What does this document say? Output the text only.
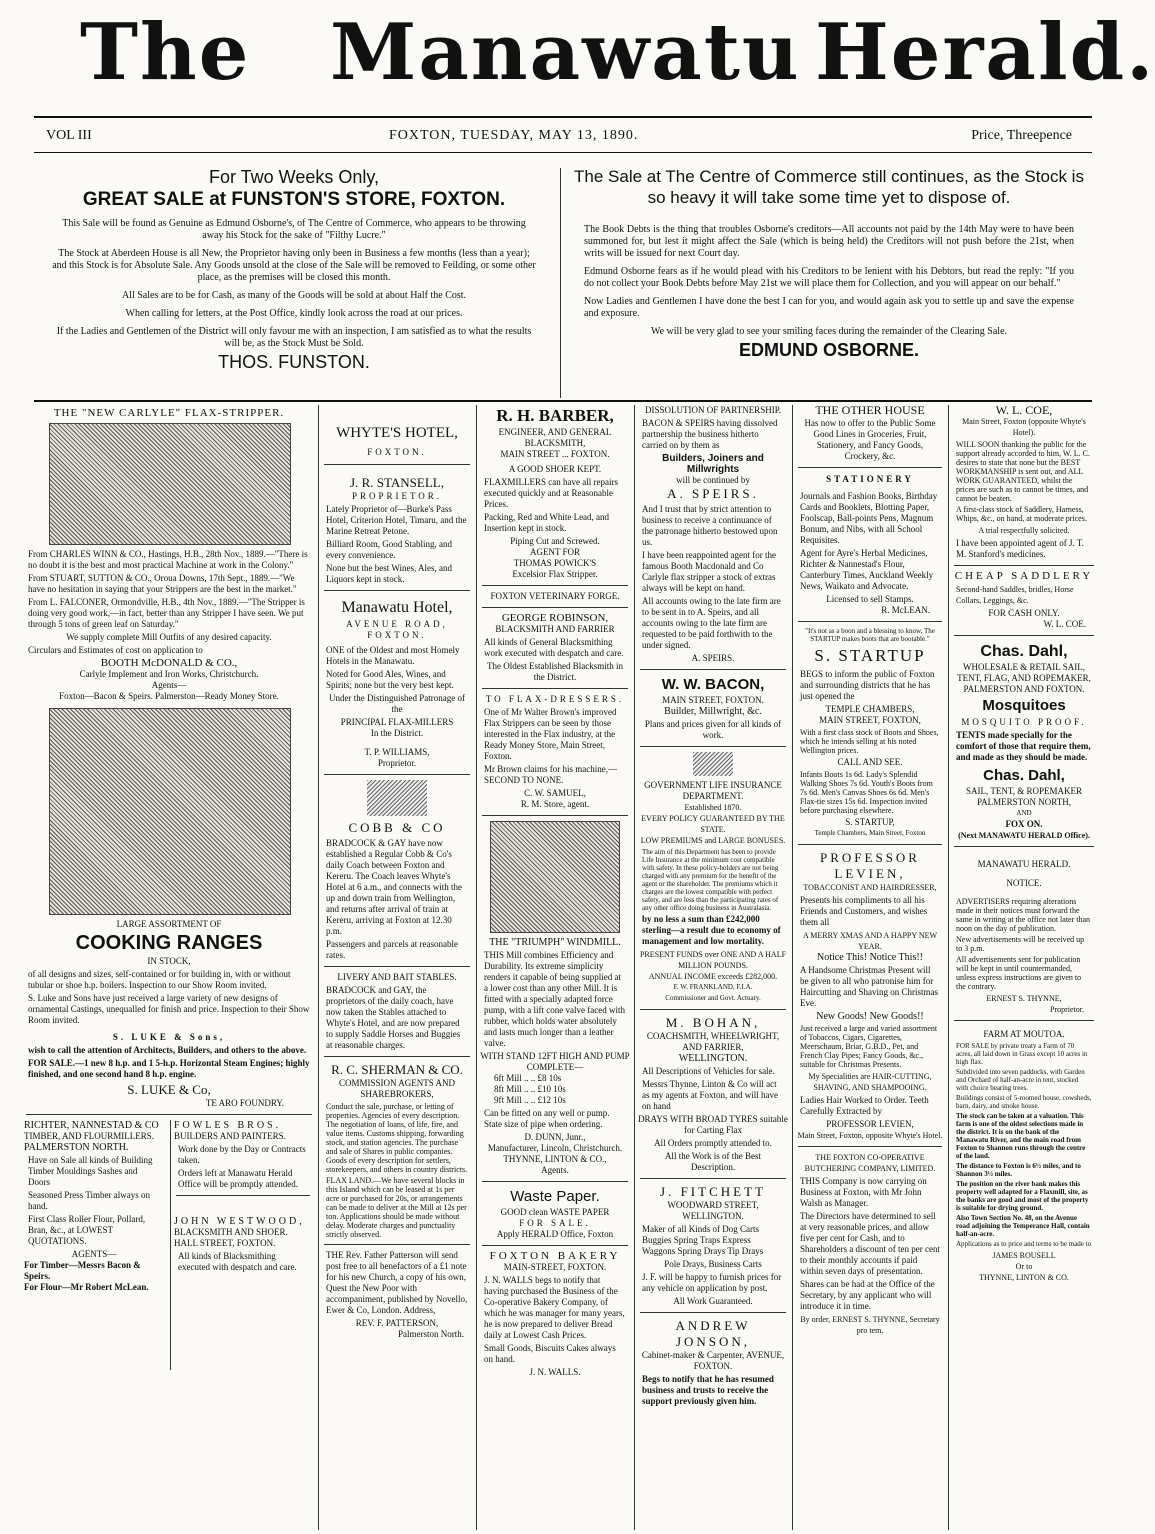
The Manawatu Herald.
VOL III	FOXTON, TUESDAY, MAY 13, 1890.	Price, Threepence
For Two Weeks Only,
GREAT SALE at FUNSTON'S STORE, FOXTON.

This Sale will be found as Genuine as Edmund Osborne's, of The Centre of Commerce, who appears to be throwing away his Stock for the sake of "Filthy Lucre."

The Stock at Aberdeen House is all New, the Proprietor having only been in Business a few months (less than a year); and this Stock is for Absolute Sale. Any Goods unsold at the close of the Sale will be removed to Feilding, or some other place, as the premises will be closed this month.

All Sales are to be for Cash, as many of the Goods will be sold at about Half the Cost.

When calling for letters, at the Post Office, kindly look across the road at our prices.

If the Ladies and Gentlemen of the District will only favour me with an inspection, I am satisfied as to what the results will be, as the Stock Must be Sold.

THOS. FUNSTON.
The Sale at The Centre of Commerce still continues, as the Stock is so heavy it will take some time yet to dispose of.

The Book Debts is the thing that troubles Osborne's creditors—All accounts not paid by the 14th May were to have been summoned for, but lest it might affect the Sale (which is being held) the Creditors will not push before the 21st, when writs will be issued for next Court day.

Edmund Osborne fears as if he would plead with his Creditors to be lenient with his Debtors, but read the reply: "If you do not collect your Book Debts before May 21st we will place them for Collection, and you will appear on our behalf."

Now Ladies and Gentlemen I have done the best I can for you, and would again ask you to settle up and save the expense and exposure.

We will be very glad to see your smiling faces during the remainder of the Clearing Sale.

EDMUND OSBORNE.
THE "NEW CARLYLE" FLAX-STRIPPER.

From CHARLES WINN & CO., Hastings, H.B., 28th Nov., 1889.—"There is no doubt it is the best and most practical Machine at work in the Colony."

From STUART, SUTTON & CO., Oroua Downs, 17th Sept., 1889.—"We have no hesitation in saying that your Strippers are the best in the market."

From L. FALCONER, Ormondville, H.B., 4th Nov., 1889.—"The Stripper is doing very good work,—in fact, better than any Stripper I have seen. We put through 5 tons of green leaf on Saturday."

We supply complete Mill Outfits of any desired capacity.

Circulars and Estimates of cost on application to

BOOTH McDONALD & CO.,
Carlyle Implement and Iron Works, Christchurch.
Agents—
Foxton—Bacon & Speirs. Palmerston—Ready Money Store.
LARGE ASSORTMENT OF
COOKING RANGES
IN STOCK,

of all designs and sizes, self-contained or for building in, with or without tubular or shoe h.p. boilers. Inspection to our Show Room invited.

S. Luke and Sons have just received a large variety of new designs of ornamental Castings, unequalled for finish and price. Inspection to their Show Room invited.

S. LUKE & Sons,

wish to call the attention of Architects, Builders, and others to the above.

FOR SALE.—1 new 8 h.p. and 1 5-h.p. Horizontal Steam Engines; highly finished, and one second hand 8 h.p. engine.

S. LUKE & Co,
TE ARO FOUNDRY.
RICHTER, NANNESTAD & CO
TIMBER, AND FLOURMILLERS.
PALMERSTON NORTH.

Have on Sale all kinds of Building Timber Mouldings Sashes and Doors

Seasoned Press Timber always on hand.

First Class Roller Flour, Pollard, Bran, &c., at LOWEST QUOTATIONS.

AGENTS—
For Timber—Messrs Bacon & Speirs.
For Flour—Mr Robert McLean.
FOWLES BROS.
BUILDERS AND PAINTERS.

Work done by the Day or Contracts taken.

Orders left at Manawatu Herald Office will be promptly attended.

JOHN WESTWOOD,
BLACKSMITH AND SHOER.
HALL STREET, FOXTON.

All kinds of Blacksmithing executed with despatch and care.

WHYTE'S HOTEL,
FOXTON.
J. R. STANSELL,
PROPRIETOR.

Lately Proprietor of—Burke's Pass Hotel, Criterion Hotel, Timaru, and the Marine Retreat Petone.

Billiard Room, Good Stabling, and every convenience.

None but the best Wines, Ales, and Liquors kept in stock.

Manawatu Hotel,
AVENUE ROAD,
FOXTON.

ONE of the Oldest and most Homely Hotels in the Manawatu.

Noted for Good Ales, Wines, and Spirits; none but the very best kept.

Under the Distinguished Patronage of the

PRINCIPAL FLAX-MILLERS
In the District.
T. P. WILLIAMS,
Proprietor.
COBB & CO

BRADCOCK & GAY have now established a Regular Cobb & Co's daily Coach between Foxton and Kereru. The Coach leaves Whyte's Hotel at 6 a.m., and connects with the up and down train from Wellington, and returns after arrival of train at Kereru, arriving at Foxton at 12.30 p.m.

Passengers and parcels at reasonable rates.

LIVERY AND BAIT STABLES.

BRADCOCK and GAY, the proprietors of the daily coach, have now taken the Stables attached to Whyte's Hotel, and are now prepared to supply Saddle Horses and Buggies at reasonable charges.

R. C. SHERMAN & CO.
COMMISSION AGENTS AND SHAREBROKERS,

Conduct the sale, purchase, or letting of properties. Agencies of every description. The negotiation of loans, of life, fire, and value items. Customs shipping, forwarding stock, and station agencies. The purchase and sale of Shares in public companies. Goods of every description for settlers, storekeepers, and others in country districts.

FLAX LAND.—We have several blocks in this Island which can be leased at 1s per acre or purchased for 20s, or arrangements can be made to deliver at the Mill at 12s per ton. Applications should be made without delay. Moderate charges and punctuality strictly observed.

THE Rev. Father Patterson will send post free to all benefactors of a £1 note for his new Church, a copy of his own, Quest the New Poor with accompaniment, published by Novello, Ewer & Co, London. Address,

REV. F. PATTERSON,
Palmerston North.
R. H. BARBER,
ENGINEER, AND GENERAL BLACKSMITH,
MAIN STREET ... FOXTON.
A GOOD SHOER KEPT.

FLAXMILLERS can have all repairs executed quickly and at Reasonable Prices.

Packing, Red and White Lead, and Insertion kept in stock.

Piping Cut and Screwed.
AGENT FOR
THOMAS POWICK'S
Excelsior Flax Stripper.
FOXTON VETERINARY FORGE.
GEORGE ROBINSON,
BLACKSMITH AND FARRIER

All kinds of General Blacksmithing work executed with despatch and care.

The Oldest Established Blacksmith in the District.

TO FLAX-DRESSERS.

One of Mr Walter Brown's improved Flax Strippers can be seen by those interested in the Flax industry, at the Ready Money Store, Main Street, Foxton.

Mr Brown claims for his machine,—SECOND TO NONE.

C. W. SAMUEL,
R. M. Store, agent.
THE "TRIUMPH" WINDMILL.

THIS Mill combines Efficiency and Durability. Its extreme simplicity renders it capable of being supplied at a lower cost than any other Mill. It is fitted with a specially adapted force pump, with a lift cone valve faced with rubber, which holds water absolutely and lasts much longer than a leather valve.

WITH STAND 12FT HIGH AND PUMP COMPLETE—
6ft Mill .. .. £8 10s
8ft Mill .. .. £10 10s
9ft Mill .. .. £12 10s

Can be fitted on any well or pump. State size of pipe when ordering.

D. DUNN, Junr.,
Manufacturer, Lincoln, Christchurch.
THYNNE, LINTON & CO.,
Agents.
Waste Paper.
GOOD clean WASTE PAPER
FOR SALE.
Apply HERALD Office, Foxton
FOXTON BAKERY
MAIN-STREET, FOXTON.

J. N. WALLS begs to notify that having purchased the Business of the Co-operative Bakery Company, of which he was manager for many years, he is now prepared to deliver Bread daily at Lowest Cash Prices.

Small Goods, Biscuits Cakes always on hand.

J. N. WALLS.
DISSOLUTION OF PARTNERSHIP.

BACON & SPEIRS having dissolved partnership the business hitherto carried on by them as

Builders, Joiners and Millwrights
will be continued by
A. SPEIRS.

And I trust that by strict attention to business to receive a continuance of the patronage hitherto bestowed upon us.

I have been reappointed agent for the famous Booth Macdonald and Co Carlyle flax stripper a stock of extras always will be kept on hand.

All accounts owing to the late firm are to be sent in to A. Speirs, and all accounts owing to the late firm are requested to be paid forthwith to the under signed.

A. SPEIRS.
W. W. BACON,
MAIN STREET, FOXTON.
Builder, Millwright, &c.

Plans and prices given for all kinds of work.

GOVERNMENT LIFE INSURANCE DEPARTMENT.
Established 1870.
EVERY POLICY GUARANTEED BY THE STATE.
LOW PREMIUMS and LARGE BONUSES.

The aim of this Department has been to provide Life Insurance at the minimum cost compatible with safety. In these policy-holders are not being charged with any premium for the benefit of the agent or the shareholder. The premiums which it charges are the lowest compatible with perfect safety, and are less than the participating rates of any other office doing business in Australasia.

by no less a sum than £242,000 sterling—a result due to economy of management and low mortality.

PRESENT FUNDS over ONE AND A HALF MILLION POUNDS.
ANNUAL INCOME exceeds £282,000.
F. W. FRANKLAND, F.I.A.
Commissioner and Govt. Actuary.
M. BOHAN,
COACHSMITH, WHEELWRIGHT, AND FARRIER,
WELLINGTON.

All Descriptions of Vehicles for sale.

Messrs Thynne, Linton & Co will act as my agents at Foxton, and will have on hand

DRAYS WITH BROAD TYRES suitable for Carting Flax

All Orders promptly attended to.

All the Work is of the Best Description.

J. FITCHETT
WOODWARD STREET, WELLINGTON.

Maker of all Kinds of Dog Carts Buggies Spring Traps Express Waggons Spring Drays Tip Drays

Pole Drays, Business Carts

J. F. will be happy to furnish prices for any vehicle on application by post.

All Work Guaranteed.
ANDREW JONSON,
Cabinet-maker & Carpenter, AVENUE, FOXTON.

Begs to notify that he has resumed business and trusts to receive the support previously given him.

THE OTHER HOUSE

Has now to offer to the Public Some Good Lines in Groceries, Fruit, Stationery, and Fancy Goods, Crockery, &c.

STATIONERY

Journals and Fashion Books, Birthday Cards and Booklets, Blotting Paper, Foolscap, Ball-points Pens, Magnum Bonum, and Nibs, with all School Requisites.

Agent for Ayre's Herbal Medicines, Richter & Nannestad's Flour, Canterbury Times, Auckland Weekly News, Waikato and Advocate.

Licensed to sell Stamps.
R. McLEAN.

"It's not as a boon and a blessing to know, The STARTUP makes boots that are bootable."

S. STARTUP

BEGS to inform the public of Foxton and surrounding districts that he has just opened the

TEMPLE CHAMBERS,
MAIN STREET, FOXTON,

With a first class stock of Boots and Shoes, which he intends selling at his noted Wellington prices.

CALL AND SEE.

Infants Boots 1s 6d. Lady's Splendid Walking Shoes 7s 6d. Youth's Boots from 7s 6d. Men's Canvas Shoes 6s 6d. Men's Flax-tie sizes 15s 6d. Inspection invited before purchasing elsewhere.

S. STARTUP,
Temple Chambers, Main Street, Foxton
PROFESSOR LEVIEN,
TOBACCONIST AND HAIRDRESSER,

Presents his compliments to all his Friends and Customers, and wishes them all

A MERRY XMAS AND A HAPPY NEW YEAR.
Notice This! Notice This!!

A Handsome Christmas Present will be given to all who patronise him for Haircutting and Shaving on Christmas Eve.

New Goods! New Goods!!

Just received a large and varied assortment of Tobaccos, Cigars, Cigarettes, Meerschaum, Briar, G.B.D., Pet, and French Clay Pipes; Fancy Goods, &c., suitable for Christmas Presents.

My Specialities are HAIR-CUTTING, SHAVING, AND SHAMPOOING.

Ladies Hair Worked to Order. Teeth Carefully Extracted by

PROFESSOR LEVIEN,
Main Street, Foxton, opposite Whyte's Hotel.
THE FOXTON CO-OPERATIVE BUTCHERING COMPANY, LIMITED.

THIS Company is now carrying on Business at Foxton, with Mr John Walsh as Manager.

The Directors have determined to sell at very reasonable prices, and allow five per cent for Cash, and to Shareholders a discount of ten per cent to their monthly accounts if paid within seven days of presentation.

Shares can be had at the Office of the Secretary, by any applicant who will introduce it in time.

By order, ERNEST S. THYNNE, Secretary pro tem.
W. L. COE,
Main Street, Foxton (opposite Whyte's Hotel).

WILL SOON thanking the public for the support already accorded to him, W. L. C. desires to state that none but the BEST WORKMANSHIP is sent out, and ALL WORK GUARANTEED, whilst the prices are such as to cannot be times, and cannot be beaten.

A first-class stock of Saddlery, Harness, Whips, &c., on hand, at moderate prices.

A trial respectfully solicited.

I have been appointed agent of J. T. M. Stanford's medicines.

CHEAP SADDLERY

Second-hand Saddles, bridles, Horse Collars, Leggings, &c.

FOR CASH ONLY.
W. L. COE.
Chas. Dahl,
WHOLESALE & RETAIL SAIL, TENT, FLAG, AND ROPEMAKER,
PALMERSTON AND FOXTON.
Mosquitoes
MOSQUITO PROOF.

TENTS made specially for the comfort of those that require them, and made as they should be made.

Chas. Dahl,
SAIL, TENT, & ROPEMAKER
PALMERSTON NORTH,
AND
FOX ON.
(Next MANAWATU HERALD Office).
MANAWATU HERALD.
NOTICE.

ADVERTISERS requiring alterations made in their notices must forward the same in writing at the office not later than noon on the day of publication.

New advertisements will be received up to 3 p.m.

All advertisements sent for publication will be kept in until countermanded, unless express instructions are given to the contrary.

ERNEST S. THYNNE,
Proprietor.
FARM AT MOUTOA.

FOR SALE by private treaty a Farm of 70 acres, all laid down in Grass except 10 acres in high flax.

Subdivided into seven paddocks, with Garden and Orchard of half-an-acre in tent, stocked with choice bearing trees.

Buildings consist of 5-roomed house, cowsheds, barn, dairy, and smoke house.

The stock can be taken at a valuation. This farm is one of the oldest selections made in the district. It is on the bank of the Manawatu River, and the main road from Foxton to Shannon runs through the centre of the land.

The distance to Foxton is 6½ miles, and to Shannon 3½ miles.

The position on the river bank makes this property well adapted for a Flaxmill, site, as the banks are good and most of the property is suitable for drying ground.

Also Town Section No. 48, on the Avenue road adjoining the Temperance Hall, contain half-an-acre.

Applications as to price and terms to be made to

JAMES ROUSELL
Or to
THYNNE, LINTON & CO.
